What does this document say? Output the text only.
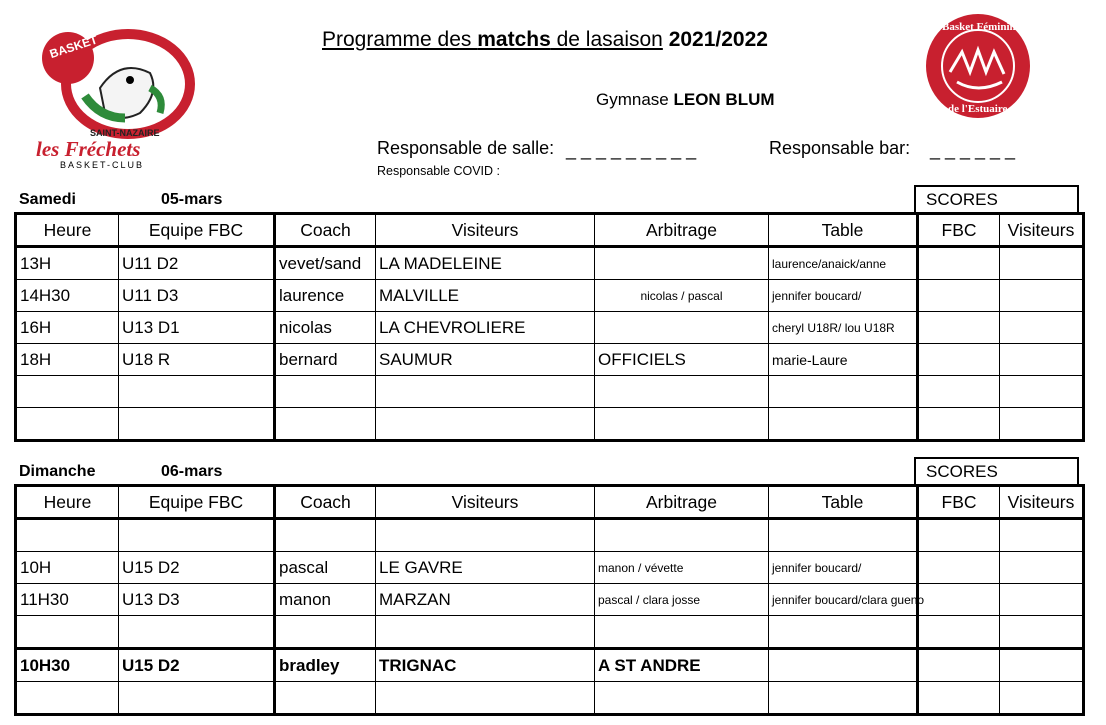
BASKET
SAINT-NAZAIRE
les Fréchets
BASKET-CLUB
Basket Féminin
de l'Estuaire
Programme des matchs de lasaison 2021/2022
Gymnase LEON BLUM
Responsable de salle: _ _ _ _ _ _ _ _ _	Responsable bar: _ _ _ _ _ _
Responsable COVID :
Samedi	05-mars	SCORES
Heure	Equipe FBC	Coach	Visiteurs	Arbitrage	Table	FBC	Visiteurs
13H	U11 D2	vevet/sand	LA MADELEINE		laurence/anaick/anne		
14H30	U11 D3	laurence	MALVILLE	nicolas / pascal	jennifer boucard/		
16H	U13 D1	nicolas	LA CHEVROLIERE		cheryl U18R/ lou U18R		
18H	U18 R	bernard	SAUMUR	OFFICIELS	marie-Laure		

Dimanche	06-mars	SCORES
Heure	Equipe FBC	Coach	Visiteurs	Arbitrage	Table	FBC	Visiteurs

10H	U15 D2	pascal	LE GAVRE	manon / vévette	jennifer boucard/		
11H30	U13 D3	manon	MARZAN	pascal / clara josse	jennifer boucard/clara gueno		

10H30	U15 D2	bradley	TRIGNAC	A ST ANDRE			
